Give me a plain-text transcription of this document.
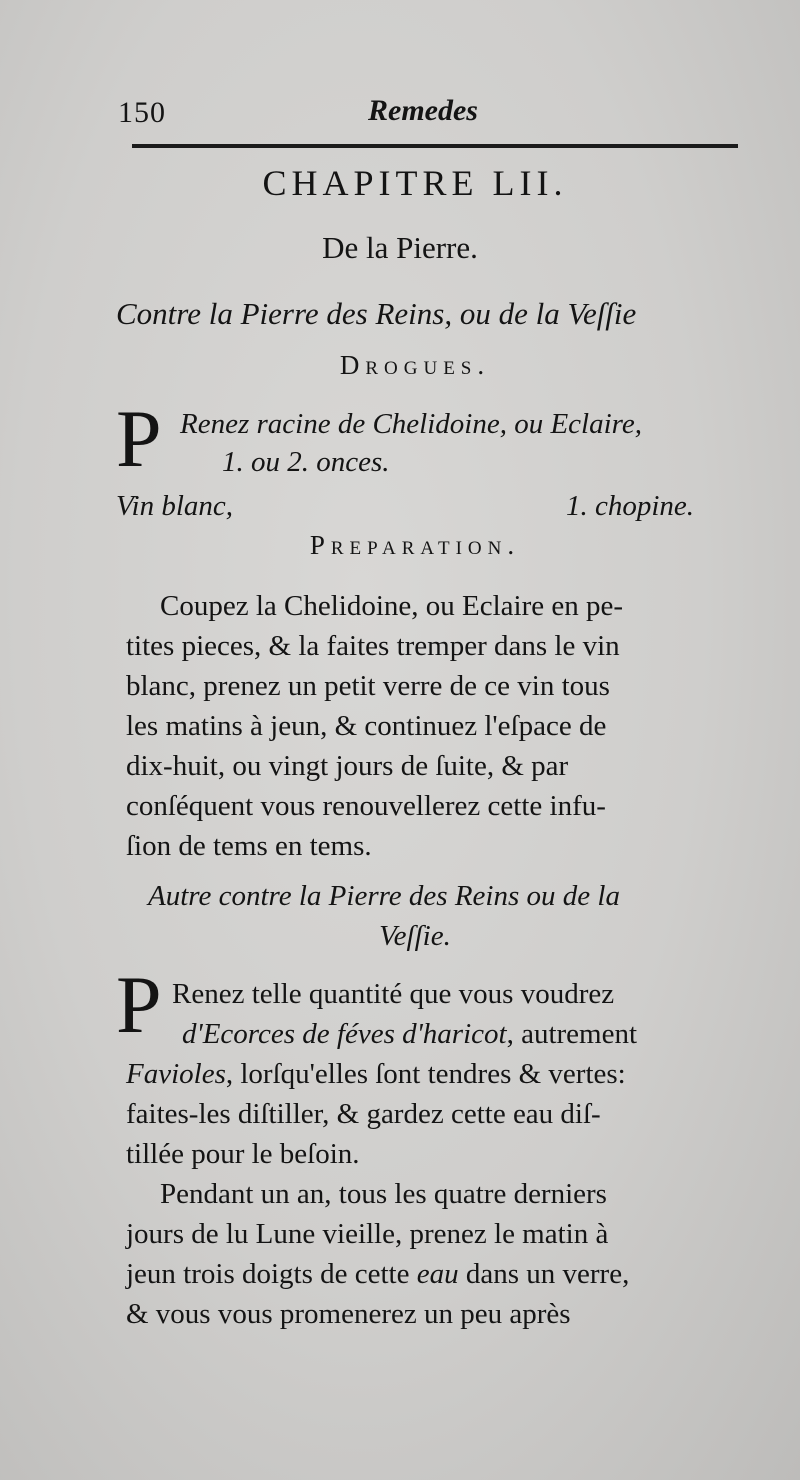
150	Remedes
CHAPITRE LII.
De la Pierre.
Contre la Pierre des Reins, ou de la Veſſie
Drogues.
P Renez racine de Chelidoine, ou Eclaire,
1. ou 2. onces.
Vin blanc,	1. chopine.
Preparation.
Coupez la Chelidoine, ou Eclaire en pe-
tites pieces, & la faites tremper dans le vin
blanc, prenez un petit verre de ce vin tous
les matins à jeun, & continuez l'eſpace de
dix-huit, ou vingt jours de ſuite, & par
conſéquent vous renouvellerez cette infu-
ſion de tems en tems.
Autre contre la Pierre des Reins ou de la
Veſſie.
P Renez telle quantité que vous voudrez
d'Ecorces de féves d'haricot, autrement
Favioles, lorſqu'elles ſont tendres & vertes:
faites-les diſtiller, & gardez cette eau diſ-
tillée pour le beſoin.
Pendant un an, tous les quatre derniers
jours de lu Lune vieille, prenez le matin à
jeun trois doigts de cette eau dans un verre,
& vous vous promenerez un peu après
